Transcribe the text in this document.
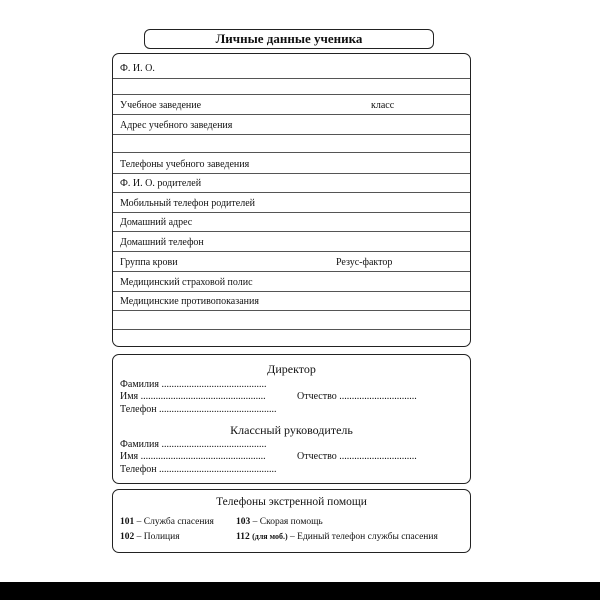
Личные данные ученика
Ф. И. О.
Учебное заведение	класс
Адрес учебного заведения
Телефоны учебного заведения
Ф. И. О. родителей
Мобильный телефон родителей
Домашний адрес
Домашний телефон
Группа крови	Резус-фактор
Медицинский страховой полис
Медицинские противопоказания
Директор
Фамилия ..........................................
Имя ..................................................	Отчество ...............................
Телефон ...............................................
Классный руководитель
Фамилия ..........................................
Имя ..................................................	Отчество ...............................
Телефон ...............................................
Телефоны экстренной помощи
101 – Служба спасения 103 – Скорая помощь
102 – Полиция	112 (для моб.) – Единый телефон службы спасения
